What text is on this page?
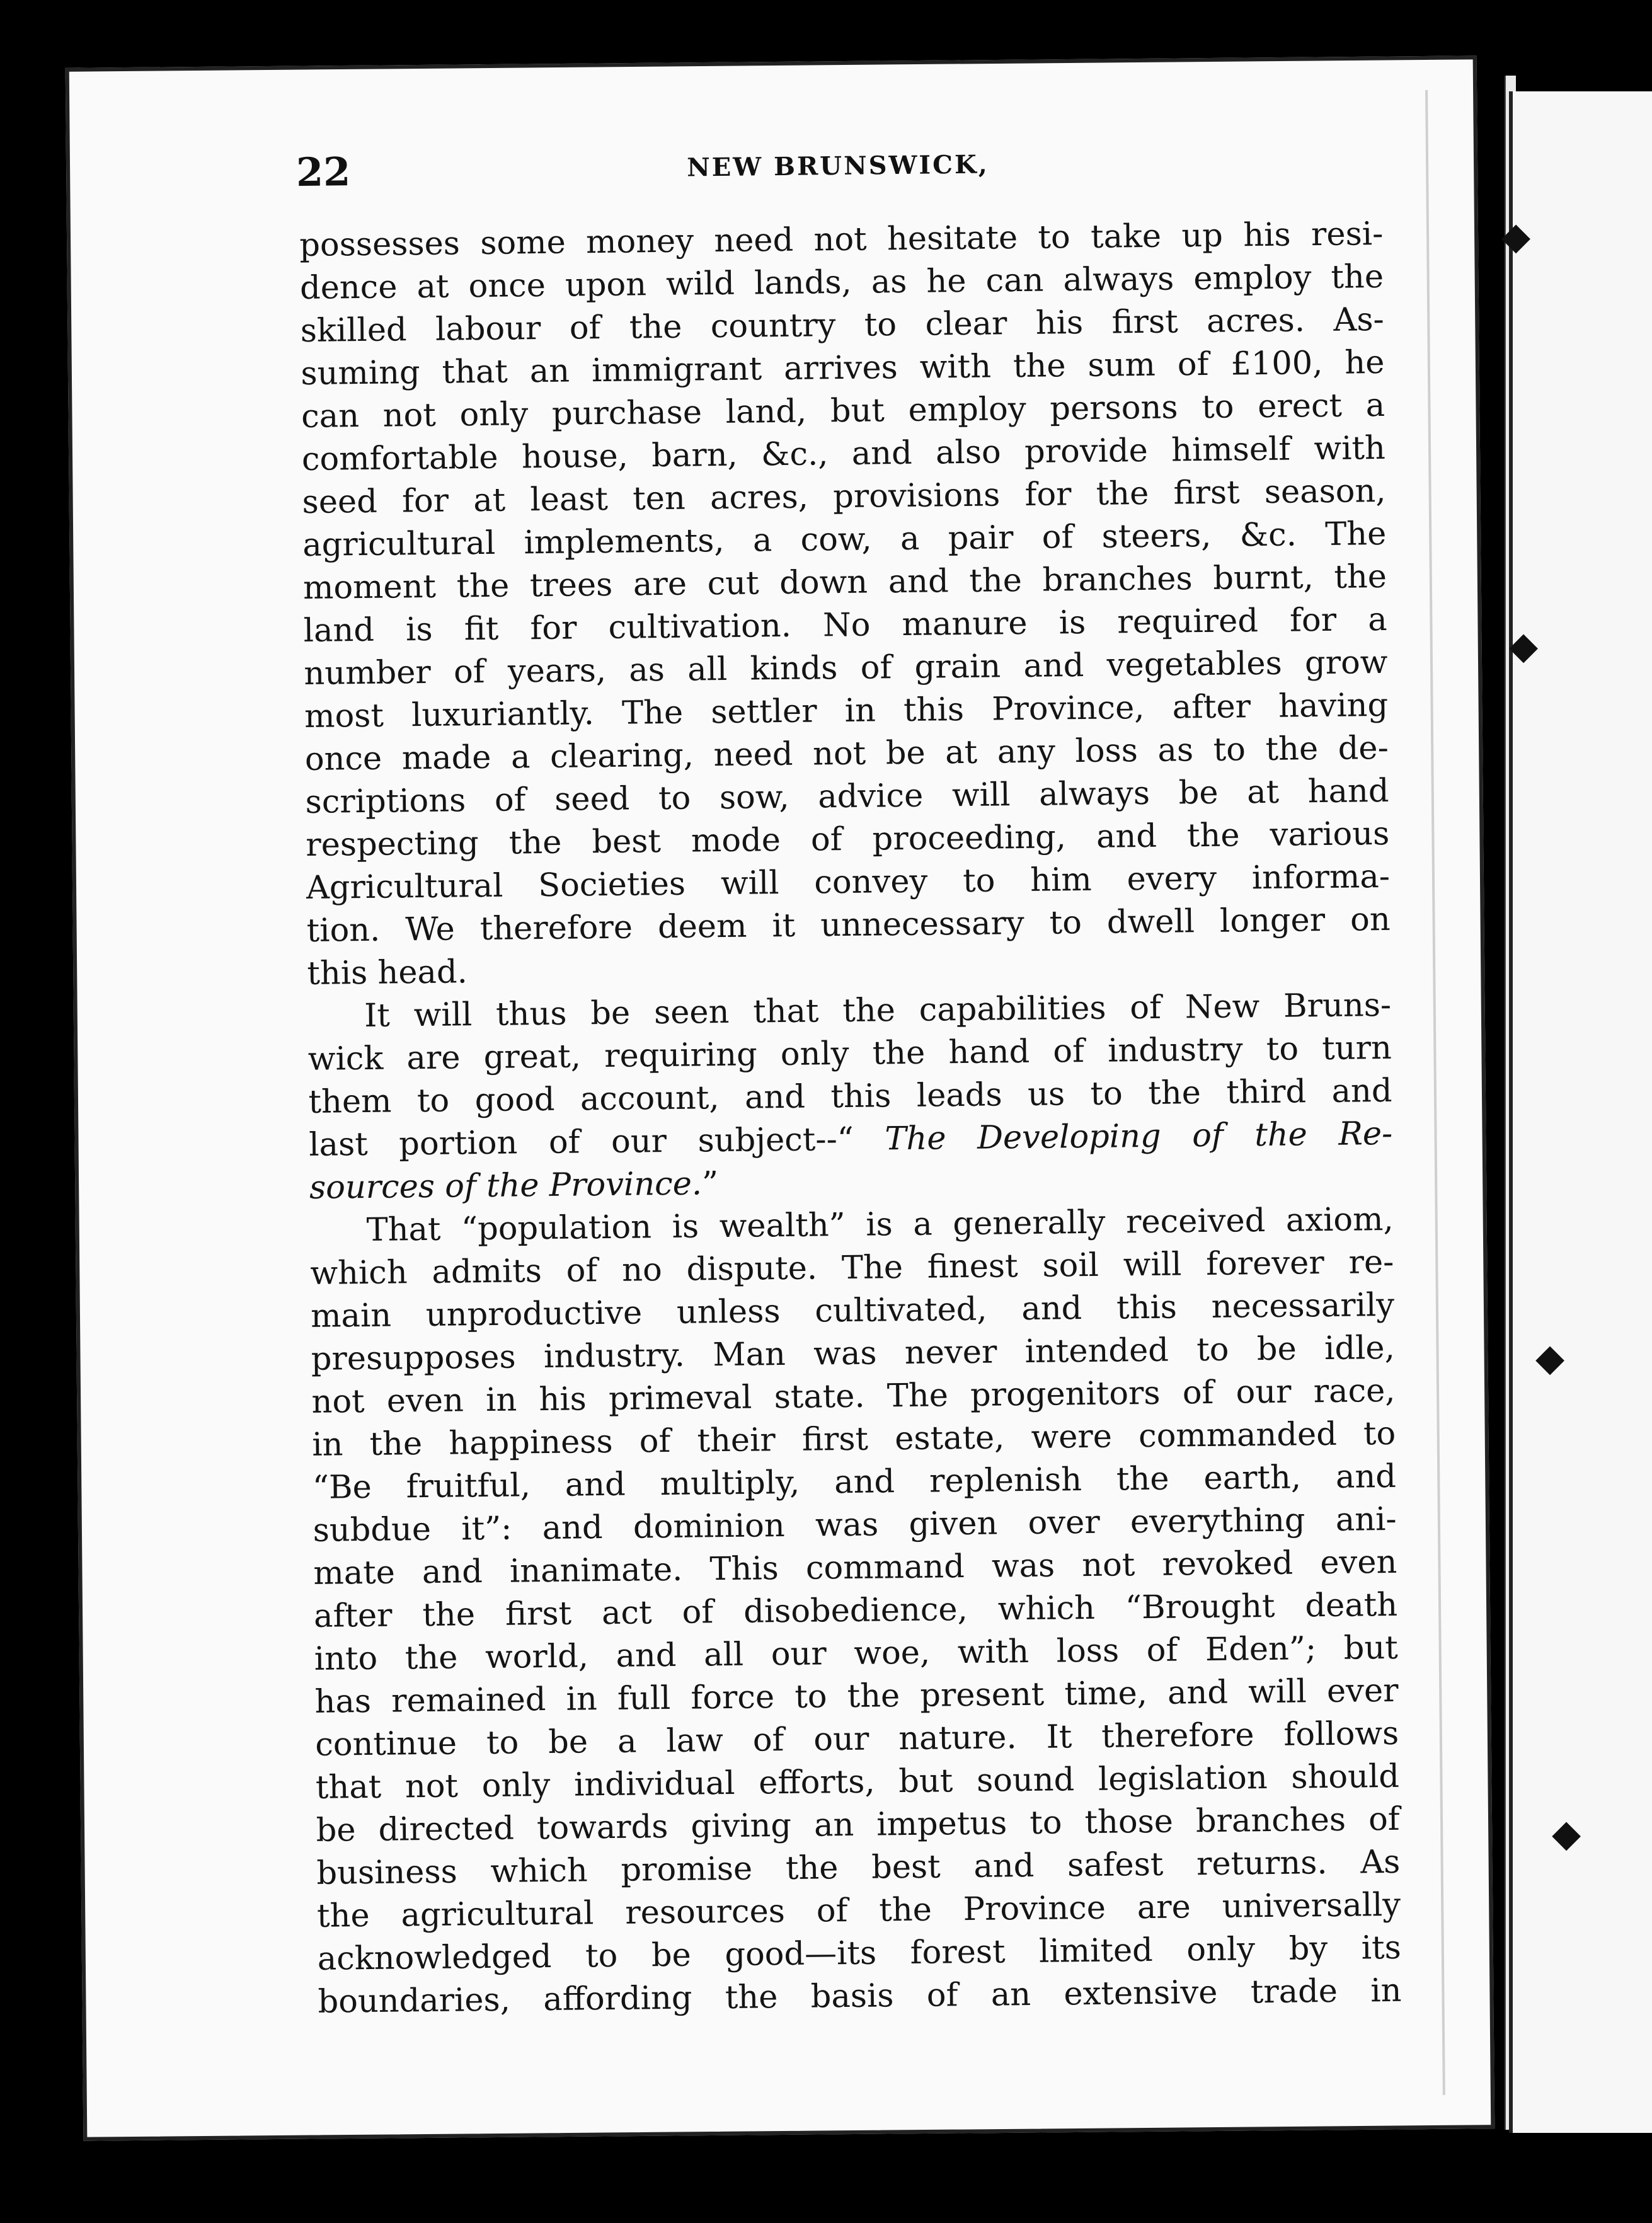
◆
◆
◆
◆
22	NEW BRUNSWICK,
possesses some money need not hesitate to take up his resi-
dence at once upon wild lands, as he can always employ the
skilled labour of the country to clear his first acres. As-
suming that an immigrant arrives with the sum of £100, he
can not only purchase land, but employ persons to erect a
comfortable house, barn, &c., and also provide himself with
seed for at least ten acres, provisions for the first season,
agricultural implements, a cow, a pair of steers, &c. The
moment the trees are cut down and the branches burnt, the
land is fit for cultivation. No manure is required for a
number of years, as all kinds of grain and vegetables grow
most luxuriantly. The settler in this Province, after having
once made a clearing, need not be at any loss as to the de-
scriptions of seed to sow, advice will always be at hand
respecting the best mode of proceeding, and the various
Agricultural Societies will convey to him every informa-
tion. We therefore deem it unnecessary to dwell longer on
this head.
It will thus be seen that the capabilities of New Bruns-
wick are great, requiring only the hand of industry to turn
them to good account, and this leads us to the third and
last portion of our subject--“ The Developing of the Re-
sources of the Province.”
That “population is wealth” is a generally received axiom,
which admits of no dispute. The finest soil will forever re-
main unproductive unless cultivated, and this necessarily
presupposes industry. Man was never intended to be idle,
not even in his primeval state. The progenitors of our race,
in the happiness of their first estate, were commanded to
“Be fruitful, and multiply, and replenish the earth, and
subdue it”: and dominion was given over everything ani-
mate and inanimate. This command was not revoked even
after the first act of disobedience, which “Brought death
into the world, and all our woe, with loss of Eden”; but
has remained in full force to the present time, and will ever
continue to be a law of our nature. It therefore follows
that not only individual efforts, but sound legislation should
be directed towards giving an impetus to those branches of
business which promise the best and safest returns. As
the agricultural resources of the Province are universally
acknowledged to be good—its forest limited only by its
boundaries, affording the basis of an extensive trade in
